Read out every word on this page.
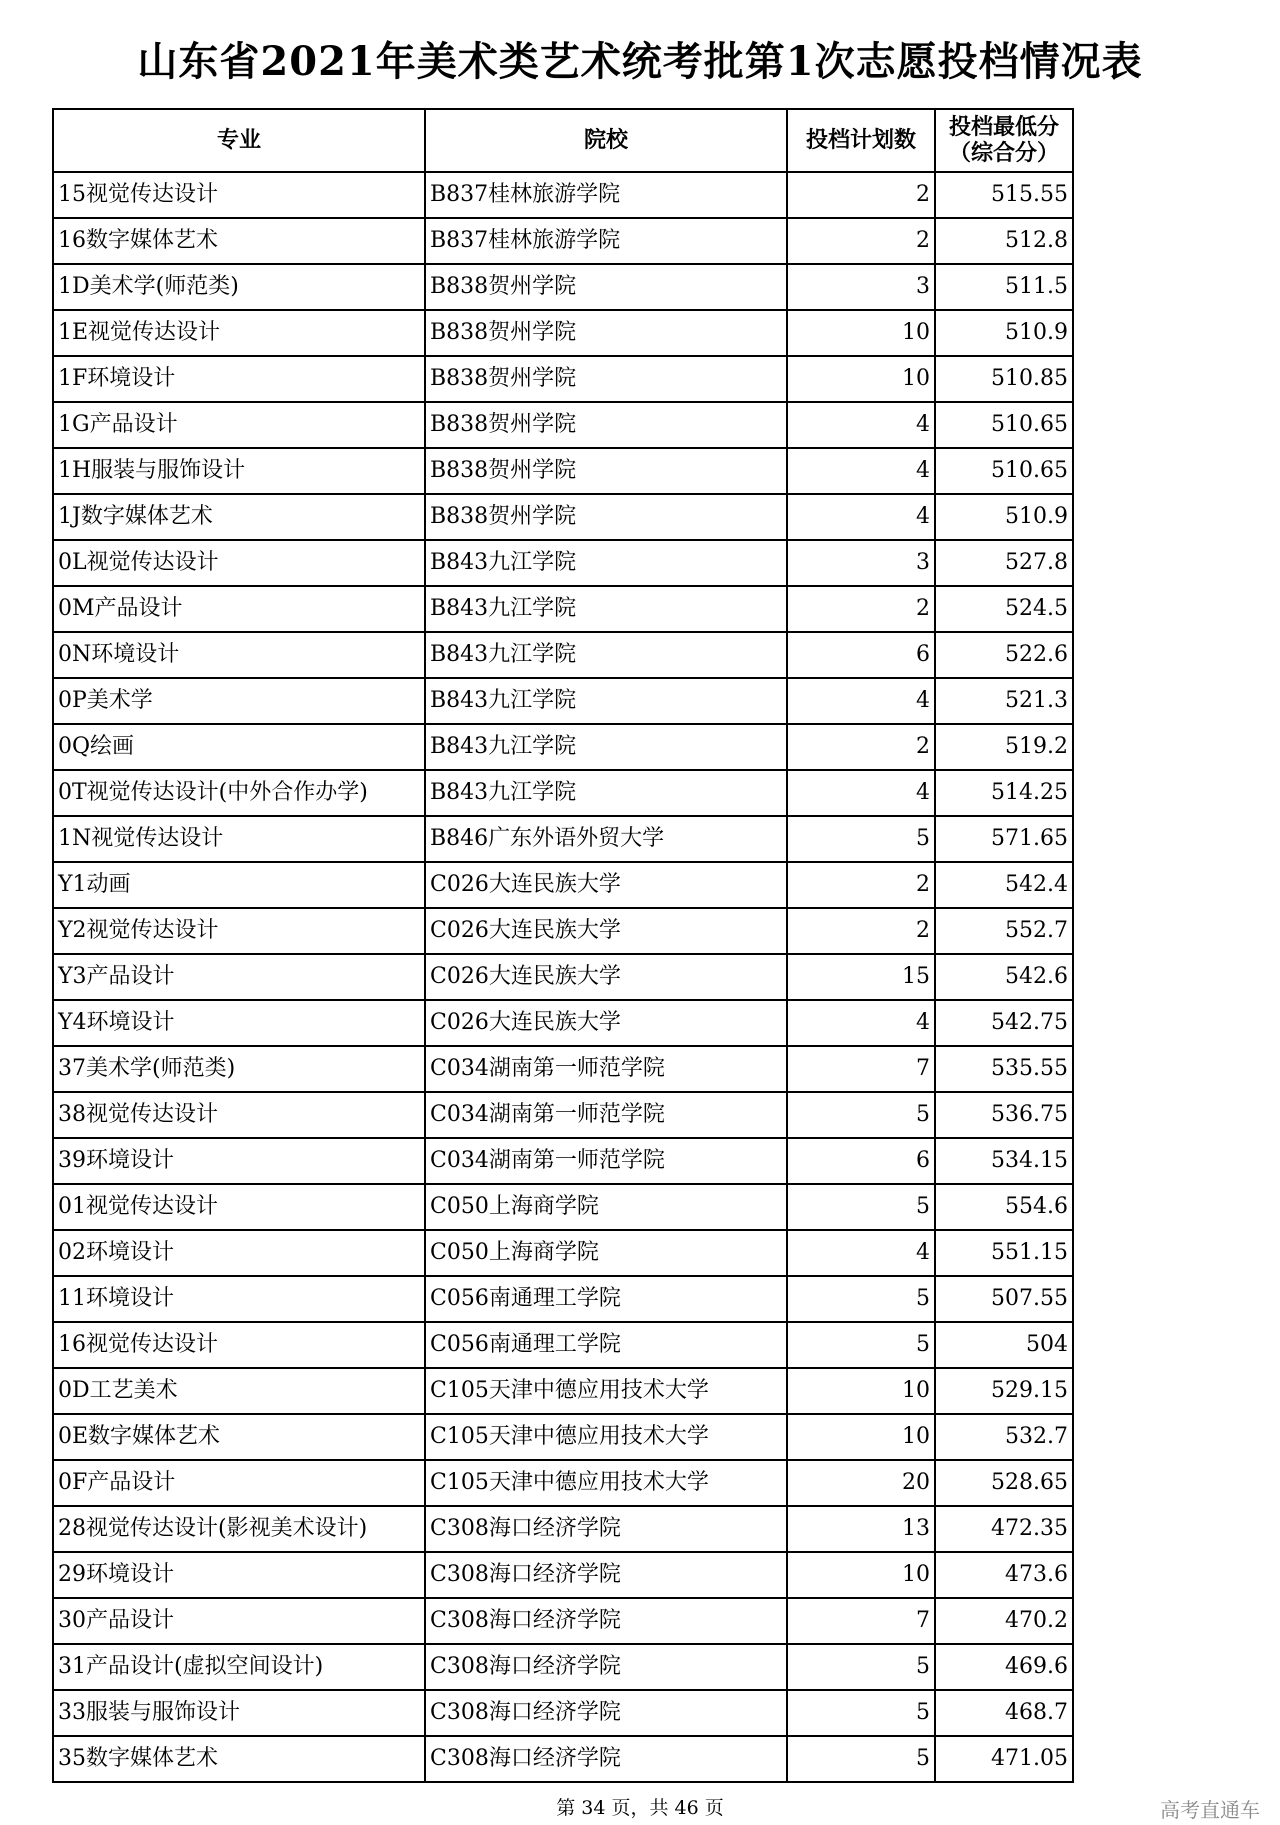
山东省2021年美术类艺术统考批第1次志愿投档情况表
专业	院校	投档计划数	投档最低分
（综合分）
15视觉传达设计	B837桂林旅游学院	2	515.55
16数字媒体艺术	B837桂林旅游学院	2	512.8
1D美术学(师范类)	B838贺州学院	3	511.5
1E视觉传达设计	B838贺州学院	10	510.9
1F环境设计	B838贺州学院	10	510.85
1G产品设计	B838贺州学院	4	510.65
1H服装与服饰设计	B838贺州学院	4	510.65
1J数字媒体艺术	B838贺州学院	4	510.9
0L视觉传达设计	B843九江学院	3	527.8
0M产品设计	B843九江学院	2	524.5
0N环境设计	B843九江学院	6	522.6
0P美术学	B843九江学院	4	521.3
0Q绘画	B843九江学院	2	519.2
0T视觉传达设计(中外合作办学)	B843九江学院	4	514.25
1N视觉传达设计	B846广东外语外贸大学	5	571.65
Y1动画	C026大连民族大学	2	542.4
Y2视觉传达设计	C026大连民族大学	2	552.7
Y3产品设计	C026大连民族大学	15	542.6
Y4环境设计	C026大连民族大学	4	542.75
37美术学(师范类)	C034湖南第一师范学院	7	535.55
38视觉传达设计	C034湖南第一师范学院	5	536.75
39环境设计	C034湖南第一师范学院	6	534.15
01视觉传达设计	C050上海商学院	5	554.6
02环境设计	C050上海商学院	4	551.15
11环境设计	C056南通理工学院	5	507.55
16视觉传达设计	C056南通理工学院	5	504
0D工艺美术	C105天津中德应用技术大学	10	529.15
0E数字媒体艺术	C105天津中德应用技术大学	10	532.7
0F产品设计	C105天津中德应用技术大学	20	528.65
28视觉传达设计(影视美术设计)	C308海口经济学院	13	472.35
29环境设计	C308海口经济学院	10	473.6
30产品设计	C308海口经济学院	7	470.2
31产品设计(虚拟空间设计)	C308海口经济学院	5	469.6
33服装与服饰设计	C308海口经济学院	5	468.7
35数字媒体艺术	C308海口经济学院	5	471.05
第 34 页，共 46 页	高考直通车
